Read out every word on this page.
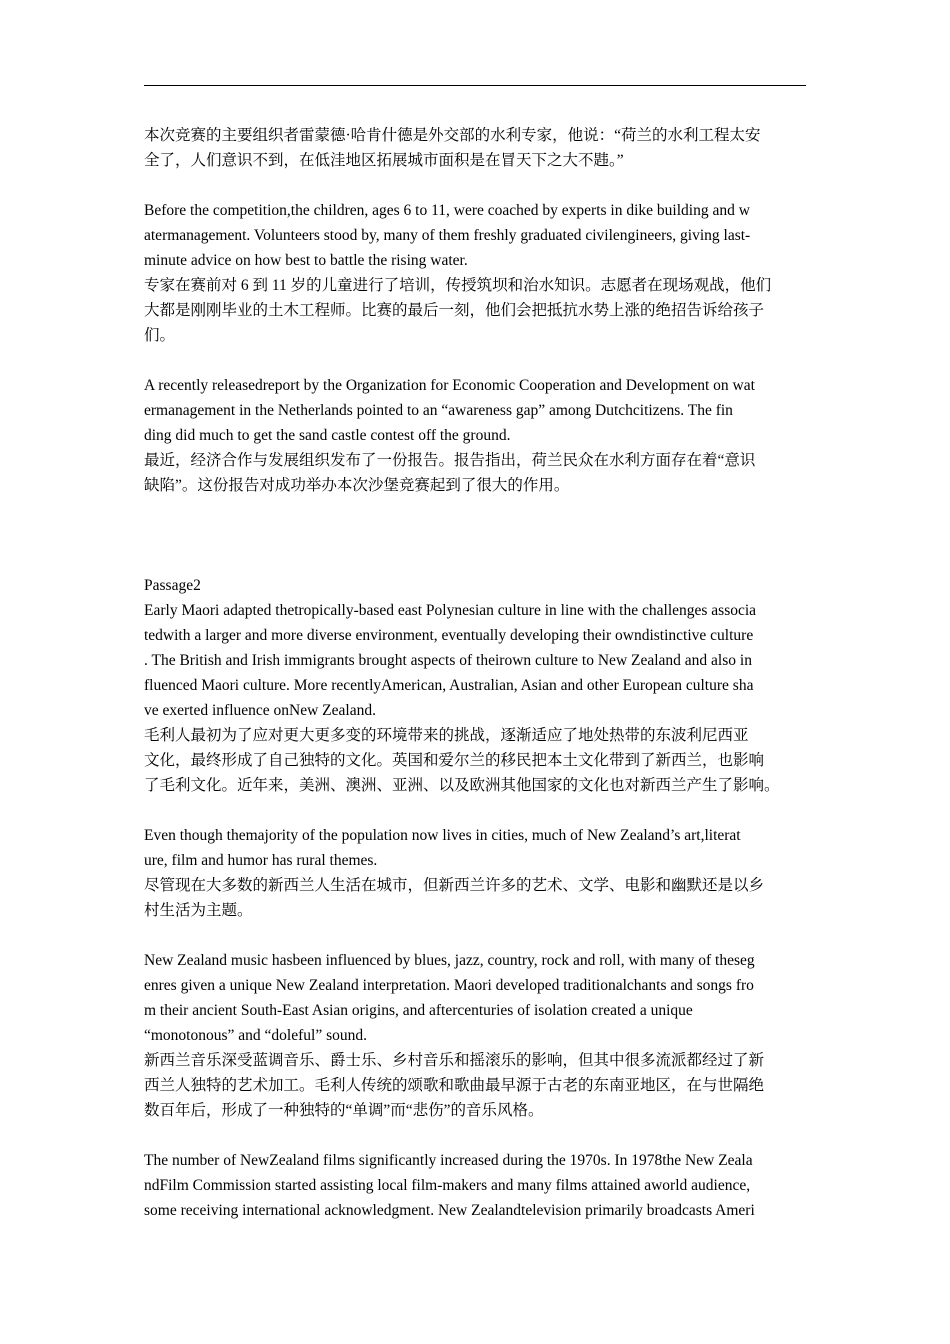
本次竞赛的主要组织者雷蒙德·哈肯什德是外交部的水利专家，他说：“荷兰的水利工程太安
全了，人们意识不到，在低洼地区拓展城市面积是在冒天下之大不韪。”
Before the competition,the children, ages 6 to 11, were coached by experts in dike building and w
atermanagement. Volunteers stood by, many of them freshly graduated civilengineers, giving last-
minute advice on how best to battle the rising water.
专家在赛前对 6 到 11 岁的儿童进行了培训，传授筑坝和治水知识。志愿者在现场观战，他们
大都是刚刚毕业的土木工程师。比赛的最后一刻，他们会把抵抗水势上涨的绝招告诉给孩子
们。
A recently releasedreport by the Organization for Economic Cooperation and Development on wat
ermanagement in the Netherlands pointed to an “awareness gap” among Dutchcitizens. The fin
ding did much to get the sand castle contest off the ground.
最近，经济合作与发展组织发布了一份报告。报告指出，荷兰民众在水利方面存在着“意识
缺陷”。这份报告对成功举办本次沙堡竞赛起到了很大的作用。
Passage2
Early Maori adapted thetropically-based east Polynesian culture in line with the challenges associa
tedwith a larger and more diverse environment, eventually developing their owndistinctive culture
. The British and Irish immigrants brought aspects of theirown culture to New Zealand and also in
fluenced Maori culture. More recentlyAmerican, Australian, Asian and other European culture sha
ve exerted influence onNew Zealand.
毛利人最初为了应对更大更多变的环境带来的挑战，逐渐适应了地处热带的东波利尼西亚
文化，最终形成了自己独特的文化。英国和爱尔兰的移民把本土文化带到了新西兰，也影响
了毛利文化。近年来，美洲、澳洲、亚洲、以及欧洲其他国家的文化也对新西兰产生了影响。
Even though themajority of the population now lives in cities, much of New Zealand’s art,literat
ure, film and humor has rural themes.
尽管现在大多数的新西兰人生活在城市，但新西兰许多的艺术、文学、电影和幽默还是以乡
村生活为主题。
New Zealand music hasbeen influenced by blues, jazz, country, rock and roll, with many of theseg
enres given a unique New Zealand interpretation. Maori developed traditionalchants and songs fro
m their ancient South-East Asian origins, and aftercenturies of isolation created a unique
“monotonous” and “doleful” sound.
新西兰音乐深受蓝调音乐、爵士乐、乡村音乐和摇滚乐的影响，但其中很多流派都经过了新
西兰人独特的艺术加工。毛利人传统的颂歌和歌曲最早源于古老的东南亚地区，在与世隔绝
数百年后，形成了一种独特的“单调”而“悲伤”的音乐风格。
The number of NewZealand films significantly increased during the 1970s. In 1978the New Zeala
ndFilm Commission started assisting local film-makers and many films attained aworld audience,
some receiving international acknowledgment. New Zealandtelevision primarily broadcasts Ameri
